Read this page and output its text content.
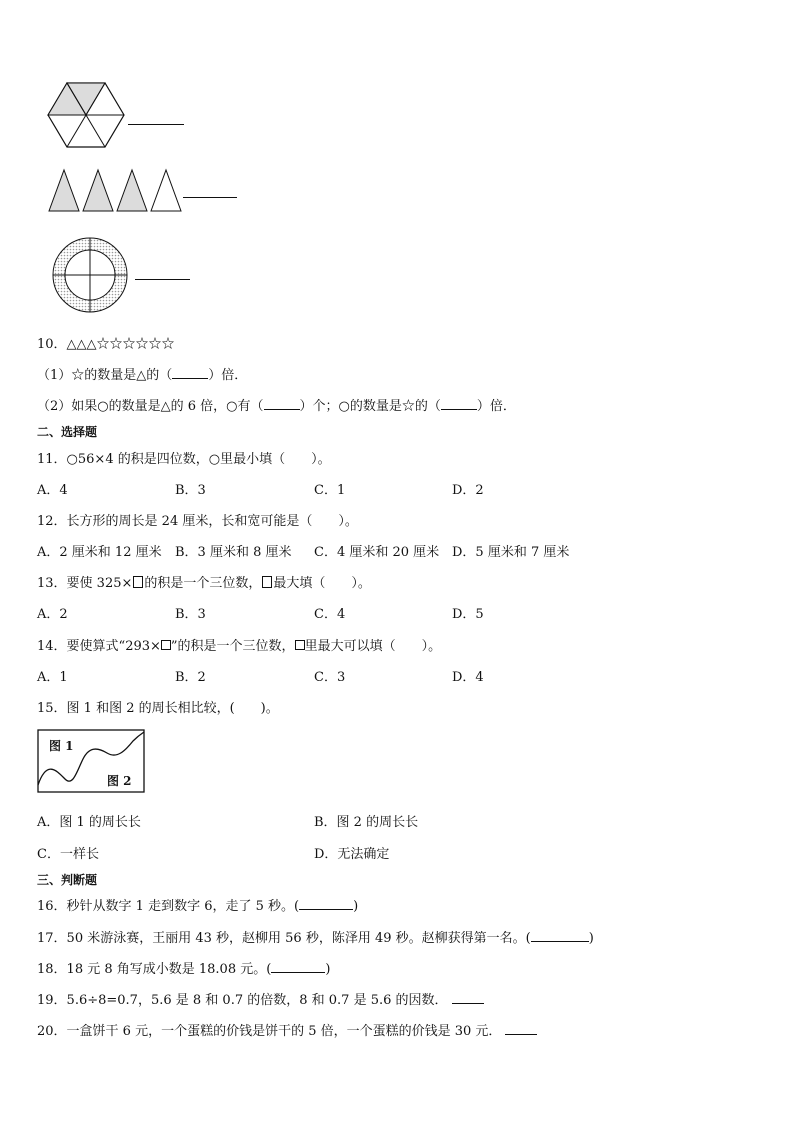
10．△△△☆☆☆☆☆☆
（1）☆的数量是△的（	）倍．
（2）如果○的数量是△的 6 倍，○有（	）个；○的数量是☆的（	）倍．
二、选择题
11．○56×4 的积是四位数，○里最小填（　　）。
A．4	B．3	C．1	D．2
12．长方形的周长是 24 厘米，长和宽可能是（　　）。
A．2 厘米和 12 厘米 B．3 厘米和 8 厘米 C．4 厘米和 20 厘米 D．5 厘米和 7 厘米
13．要使 325× 的积是一个三位数， 最大填（　　）。
A．2	B．3	C．4	D．5
14．要使算式“293× ”的积是一个三位数， 里最大可以填（　　）。
A．1	B．2	C．3	D．4
15．图 1 和图 2 的周长相比较，(　　)。
图 1
图 2
A．图 1 的周长长	B．图 2 的周长长
C．一样长	D．无法确定
三、判断题
16．秒针从数字 1 走到数字 6，走了 5 秒。(	)
17．50 米游泳赛，王丽用 43 秒，赵柳用 56 秒，陈泽用 49 秒。赵柳获得第一名。(	)
18．18 元 8 角写成小数是 18.08 元。(	)
19．5.6÷8=0.7，5.6 是 8 和 0.7 的倍数，8 和 0.7 是 5.6 的因数．
20．一盒饼干 6 元，一个蛋糕的价钱是饼干的 5 倍，一个蛋糕的价钱是 30 元．
